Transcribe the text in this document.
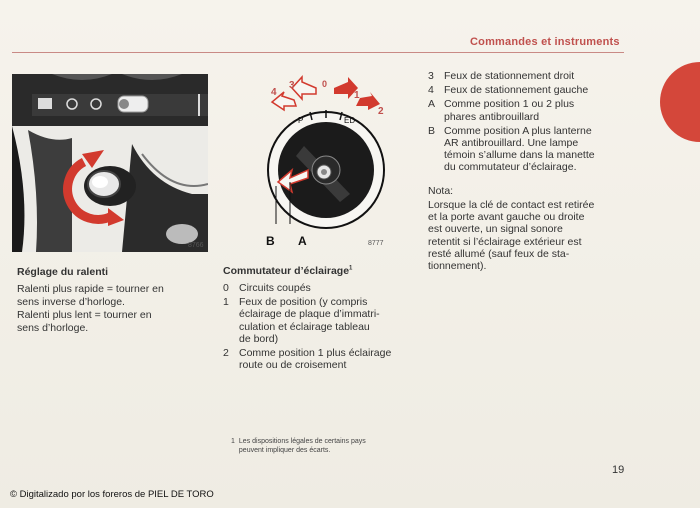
Commandes et instruments
8766
4
3	0
1
2
P	ED
B A	8777
Réglage du ralenti
Ralenti plus rapide = tourner en
sens inverse d’horloge.
Ralenti plus lent = tourner en
sens d’horloge.
Commutateur d’éclairage$^1$
0 Circuits coupés
1 Feux de position (y compris
éclairage de plaque d’immatri-
culation et éclairage tableau
de bord)
2 Comme position 1 plus éclairage
route ou de croisement
3 Feux de stationnement droit
4 Feux de stationnement gauche
A Comme position 1 ou 2 plus
phares antibrouillard
B Comme position A plus lanterne
AR antibrouillard. Une lampe
témoin s’allume dans la manette
du commutateur d’éclairage.
Nota:
Lorsque la clé de contact est retirée
et la porte avant gauche ou droite
est ouverte, un signal sonore
retentit si l’éclairage extérieur est
resté allumé (sauf feux de sta-
tionnement).
1 Les dispositions légales de certains pays
peuvent impliquer des écarts.
19
© Digitalizado por los foreros de PIEL DE TORO
